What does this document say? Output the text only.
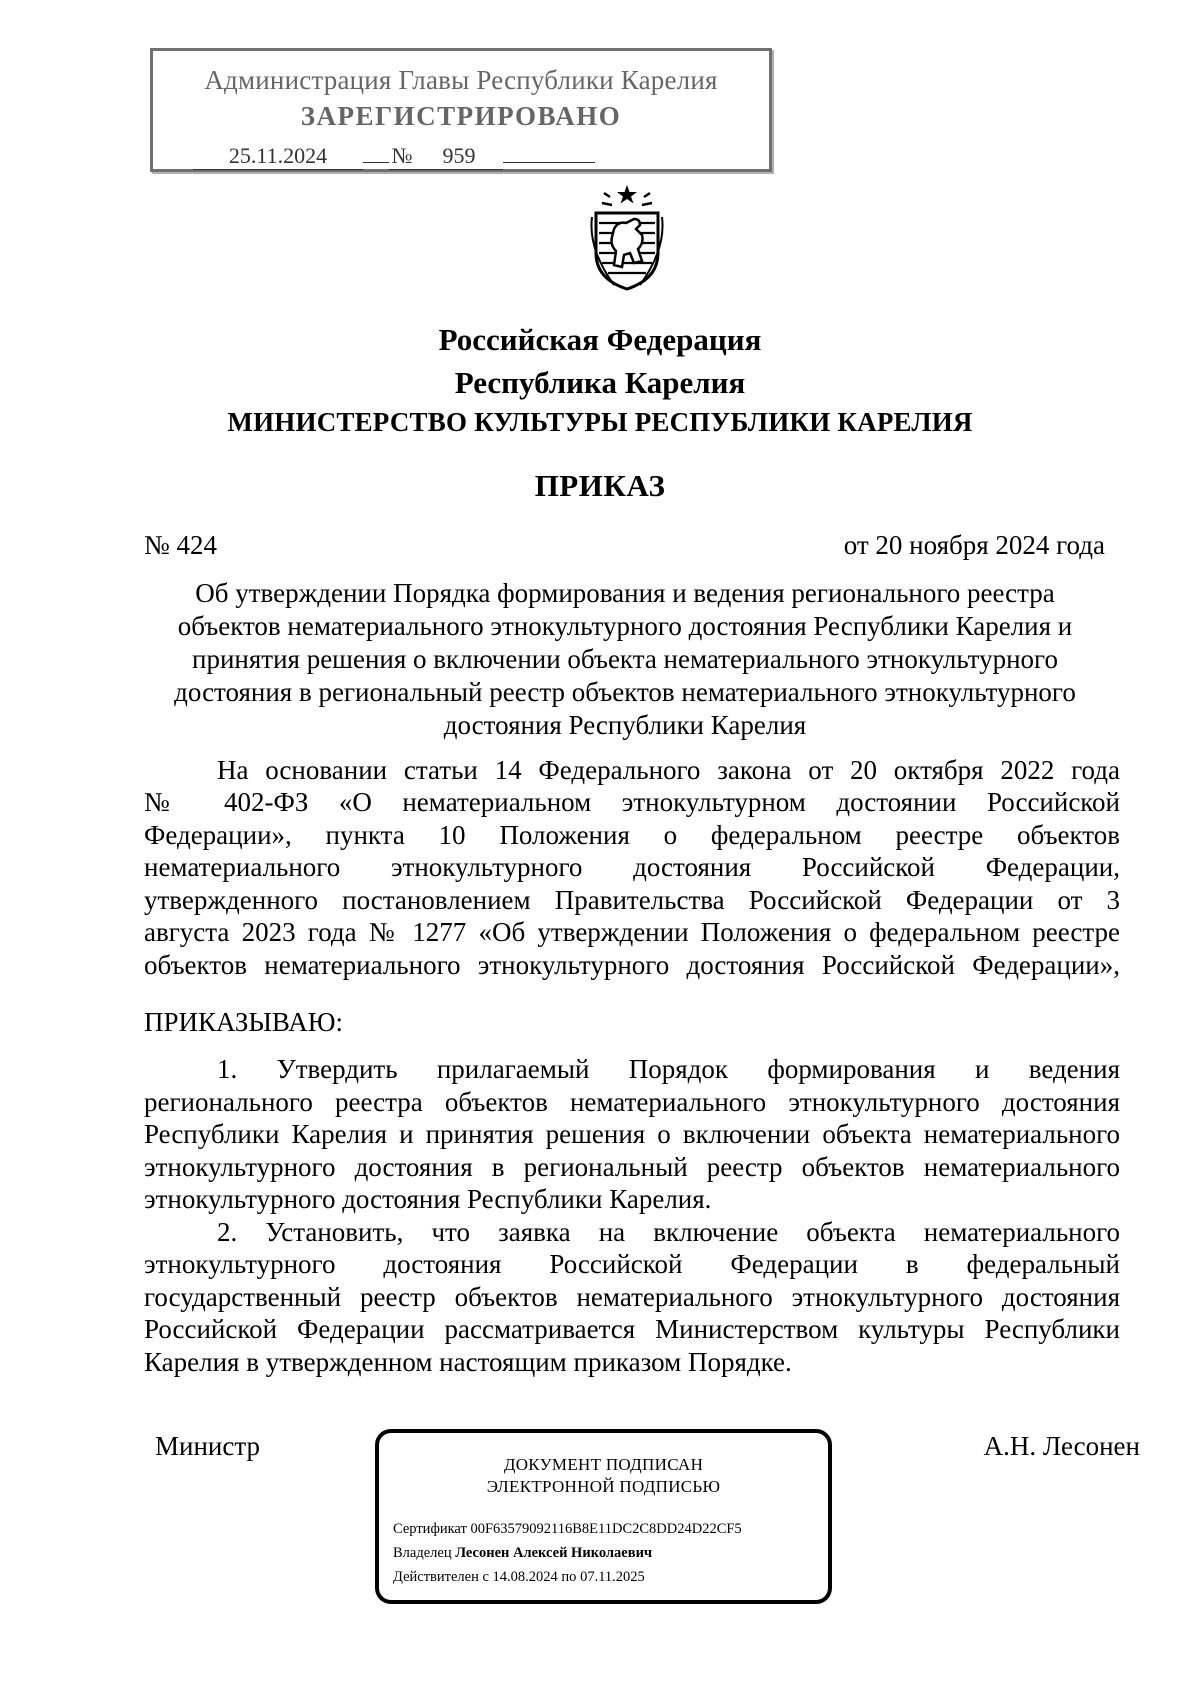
Администрация Главы Республики Карелия
ЗАРЕГИСТРИРОВАНО
25.11.2024	№ 959
Российская Федерация
Республика Карелия
МИНИСТЕРСТВО КУЛЬТУРЫ РЕСПУБЛИКИ КАРЕЛИЯ
ПРИКАЗ
№ 424	от 20 ноября 2024 года
Об утверждении Порядка формирования и ведения регионального реестра
объектов нематериального этнокультурного достояния Республики Карелия и
принятия решения о включении объекта нематериального этнокультурного
достояния в региональный реестр объектов нематериального этнокультурного
достояния Республики Карелия
На основании статьи 14 Федерального закона от 20 октября 2022 года
№ 402-ФЗ «О нематериальном этнокультурном достоянии Российской
Федерации», пункта 10 Положения о федеральном реестре объектов
нематериального этнокультурного достояния Российской Федерации,
утвержденного постановлением Правительства Российской Федерации от 3
августа 2023 года № 1277 «Об утверждении Положения о федеральном реестре
объектов нематериального этнокультурного достояния Российской Федерации»,
ПРИКАЗЫВАЮ:
1. Утвердить прилагаемый Порядок формирования и ведения
регионального реестра объектов нематериального этнокультурного достояния
Республики Карелия и принятия решения о включении объекта нематериального
этнокультурного достояния в региональный реестр объектов нематериального
этнокультурного достояния Республики Карелия.
2. Установить, что заявка на включение объекта нематериального
этнокультурного достояния Российской Федерации в федеральный
государственный реестр объектов нематериального этнокультурного достояния
Российской Федерации рассматривается Министерством культуры Республики
Карелия в утвержденном настоящим приказом Порядке.
Министр	А.Н. Лесонен
ДОКУМЕНТ ПОДПИСАН
ЭЛЕКТРОННОЙ ПОДПИСЬЮ
Сертификат 00F63579092116B8E11DC2C8DD24D22CF5
Владелец Лесонен Алексей Николаевич
Действителен с 14.08.2024 по 07.11.2025
